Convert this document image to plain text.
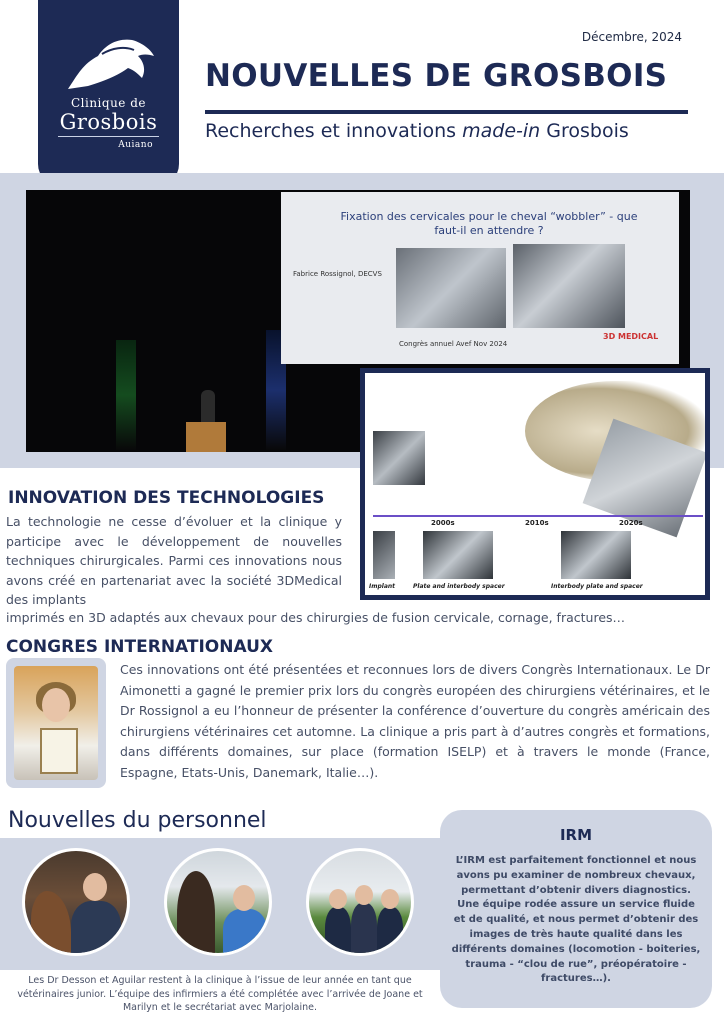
Clinique de
Grosbois
Auiano
Décembre, 2024
NOUVELLES DE GROSBOIS
Recherches et innovations made-in Grosbois
Fixation des cervicales pour le cheval “wobbler” - que faut-il en attendre ?
Fabrice Rossignol, DECVS
Congrès annuel Avef Nov 2024
3D MEDICAL
2000s	2010s	2020s
Implant	Plate and interbody spacer	Interbody plate and spacer
INNOVATION DES TECHNOLOGIES
La technologie ne cesse d’évoluer et la clinique y participe avec le développement de nouvelles techniques chirurgicales. Parmi ces innovations nous avons créé en partenariat avec la société 3DMedical des implants
imprimés en 3D adaptés aux chevaux pour des chirurgies de fusion cervicale, cornage, fractures…
CONGRES INTERNATIONAUX
Ces innovations ont été présentées et reconnues lors de divers Congrès Internationaux. Le Dr Aimonetti a gagné le premier prix lors du congrès européen des chirurgiens vétérinaires, et le Dr Rossignol a eu l’honneur de présenter la conférence d’ouverture du congrès américain des chirurgiens vétérinaires cet automne. La clinique a pris part à d’autres congrès et formations, dans différents domaines, sur place (formation ISELP) et à travers le monde (France, Espagne, Etats-Unis, Danemark, Italie…).
Nouvelles du personnel
Les Dr Desson et Aguilar restent à la clinique à l’issue de leur année en tant que vétérinaires junior. L’équipe des infirmiers a été complétée avec l’arrivée de Joane et Marilyn et le secrétariat avec Marjolaine.
IRM
L’IRM est parfaitement fonctionnel et nous avons pu examiner de nombreux chevaux, permettant d’obtenir divers diagnostics. Une équipe rodée assure un service fluide et de qualité, et nous permet d’obtenir des images de très haute qualité dans les différents domaines (locomotion - boiteries, trauma - “clou de rue”, préopératoire - fractures…).
